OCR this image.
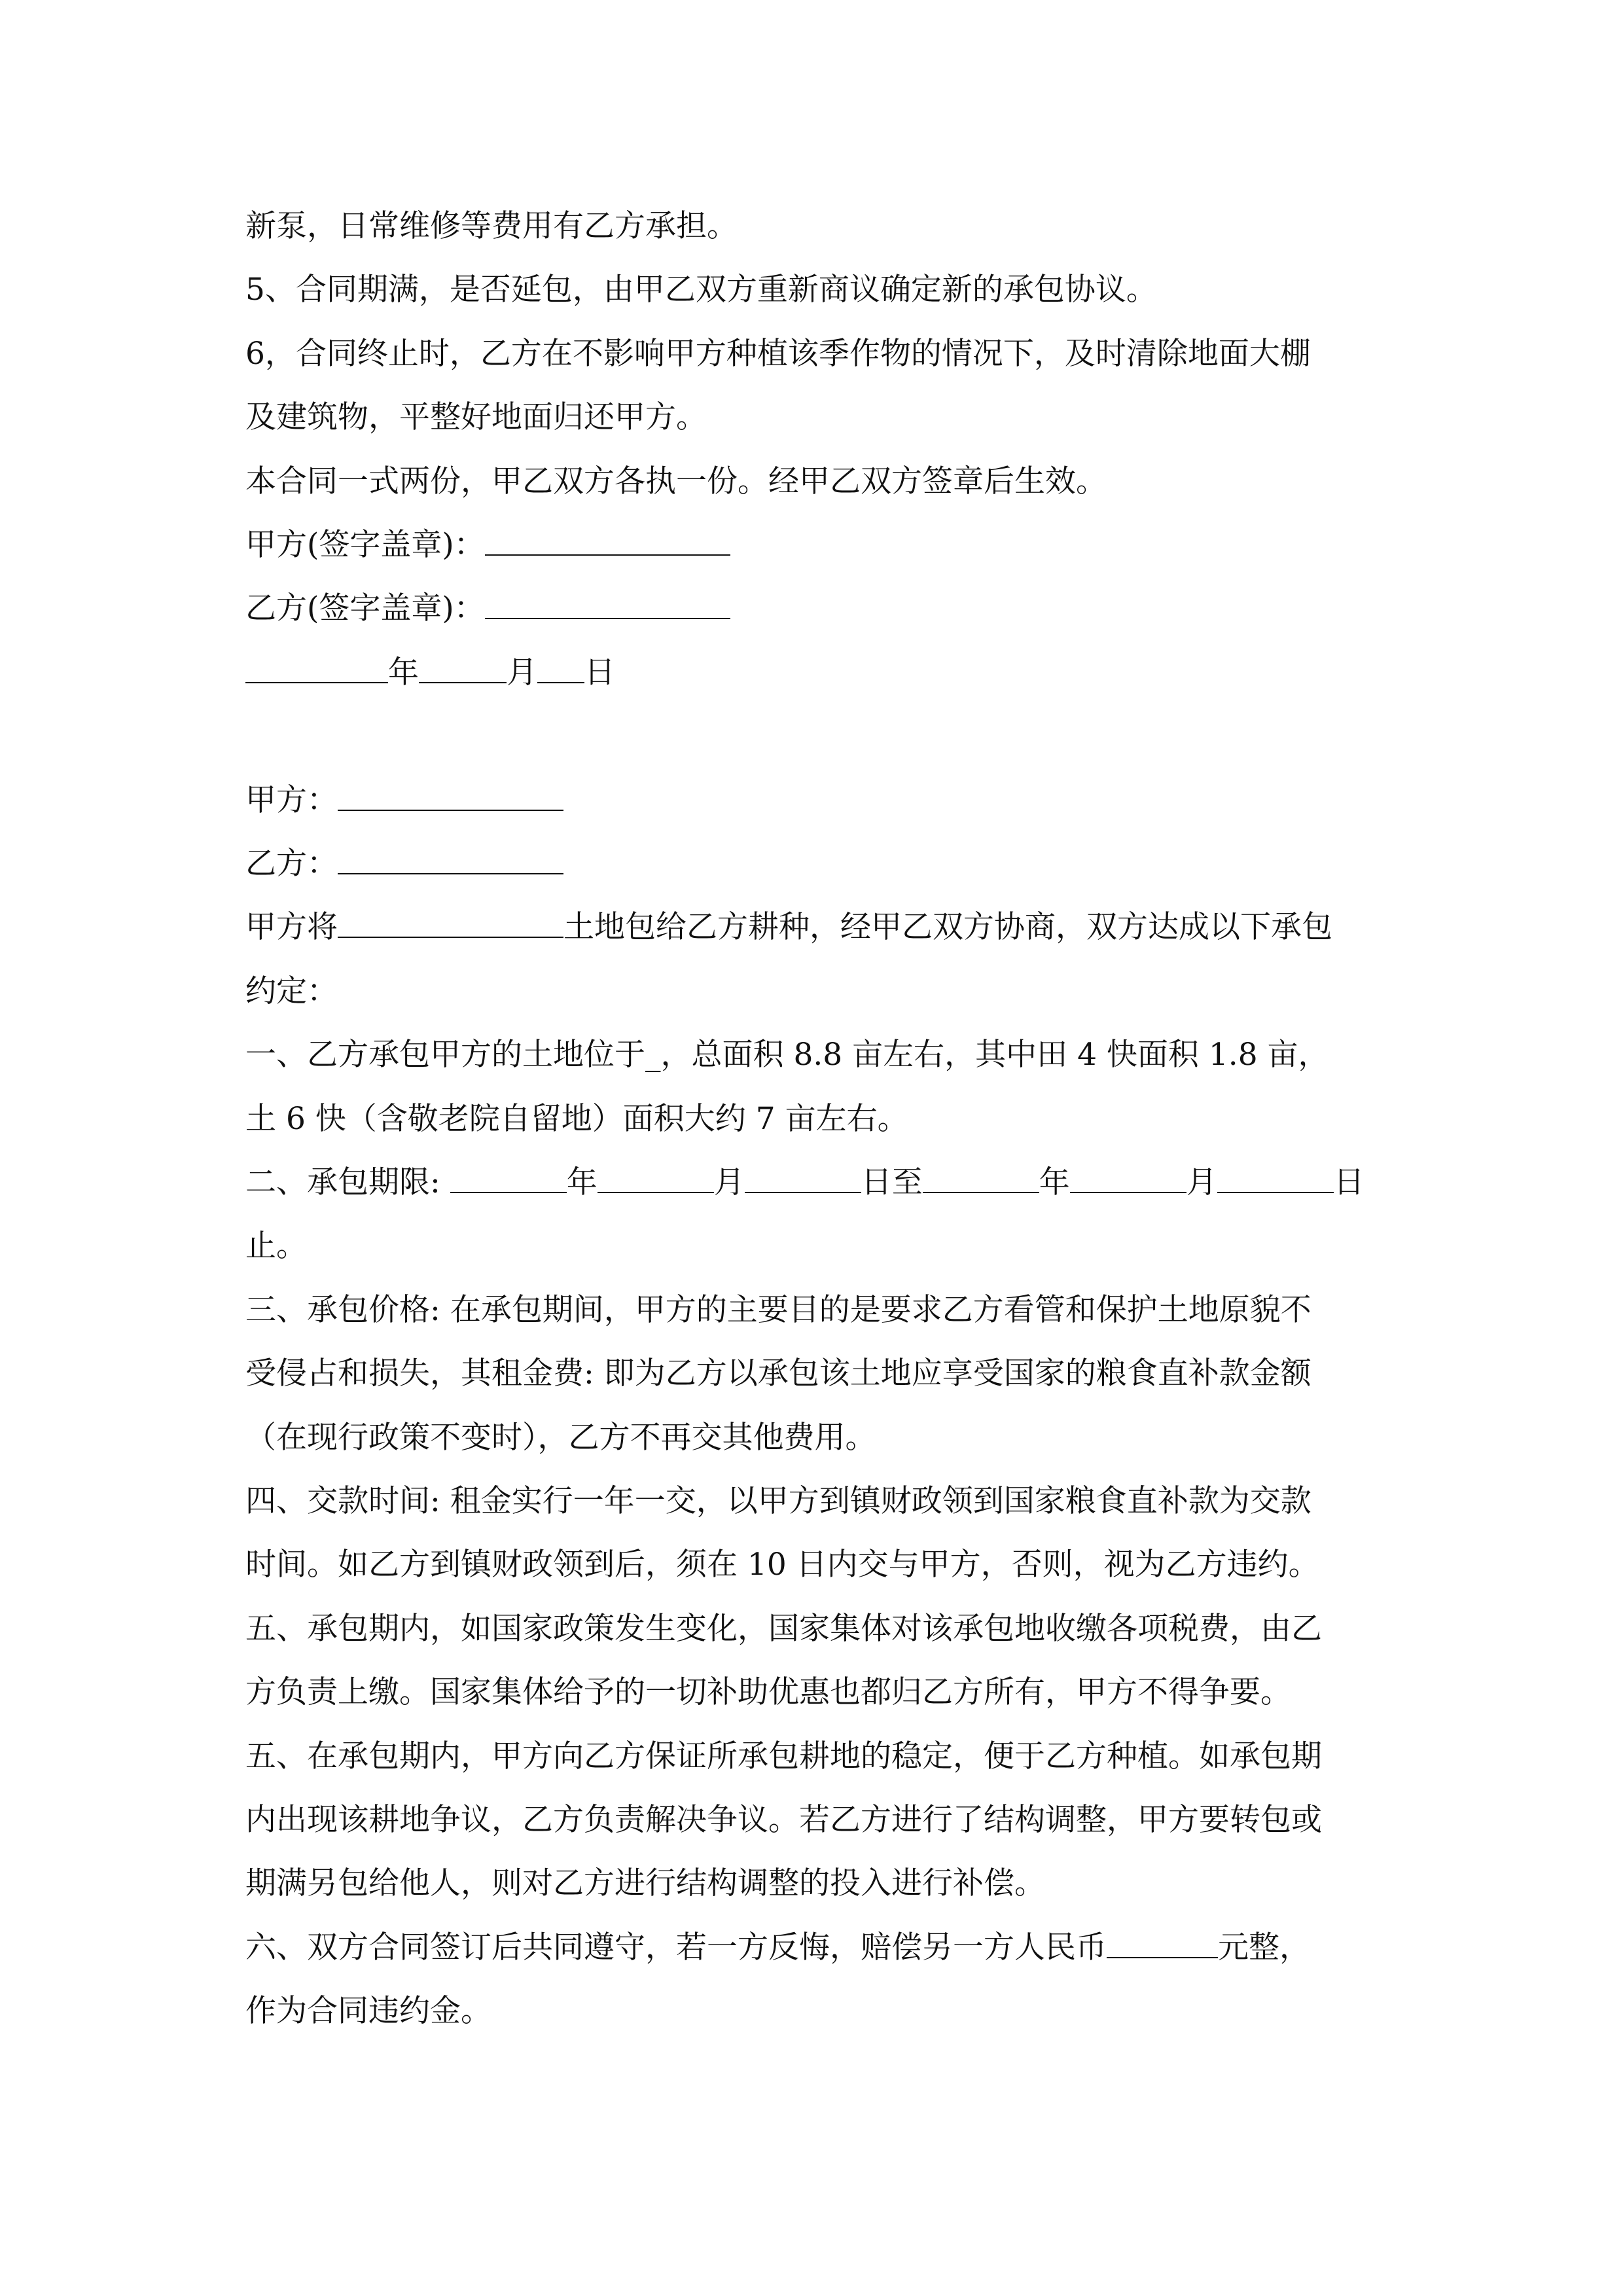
新泵，日常维修等费用有乙方承担。
5、合同期满，是否延包，由甲乙双方重新商议确定新的承包协议。
6，合同终止时，乙方在不影响甲方种植该季作物的情况下，及时清除地面大棚
及建筑物，平整好地面归还甲方。
本合同一式两份，甲乙双方各执一份。经甲乙双方签章后生效。
甲方(签字盖章)：
乙方(签字盖章)：
年	月 日
甲方：
乙方：
甲方将	土地包给乙方耕种，经甲乙双方协商，双方达成以下承包
约定：
一、乙方承包甲方的土地位于_，总面积 8.8 亩左右，其中田 4 快面积 1.8 亩，
土 6 快（含敬老院自留地）面积大约 7 亩左右。
二、承包期限:	年	月	日至	年	月	日
止。
三、承包价格: 在承包期间，甲方的主要目的是要求乙方看管和保护土地原貌不
受侵占和损失，其租金费: 即为乙方以承包该土地应享受国家的粮食直补款金额
（在现行政策不变时），乙方不再交其他费用。
四、交款时间: 租金实行一年一交，以甲方到镇财政领到国家粮食直补款为交款
时间。如乙方到镇财政领到后，须在 10 日内交与甲方，否则，视为乙方违约。
五、承包期内，如国家政策发生变化，国家集体对该承包地收缴各项税费，由乙
方负责上缴。国家集体给予的一切补助优惠也都归乙方所有，甲方不得争要。
五、在承包期内，甲方向乙方保证所承包耕地的稳定，便于乙方种植。如承包期
内出现该耕地争议，乙方负责解决争议。若乙方进行了结构调整，甲方要转包或
期满另包给他人，则对乙方进行结构调整的投入进行补偿。
六、双方合同签订后共同遵守，若一方反悔，赔偿另一方人民币	元整，
作为合同违约金。
